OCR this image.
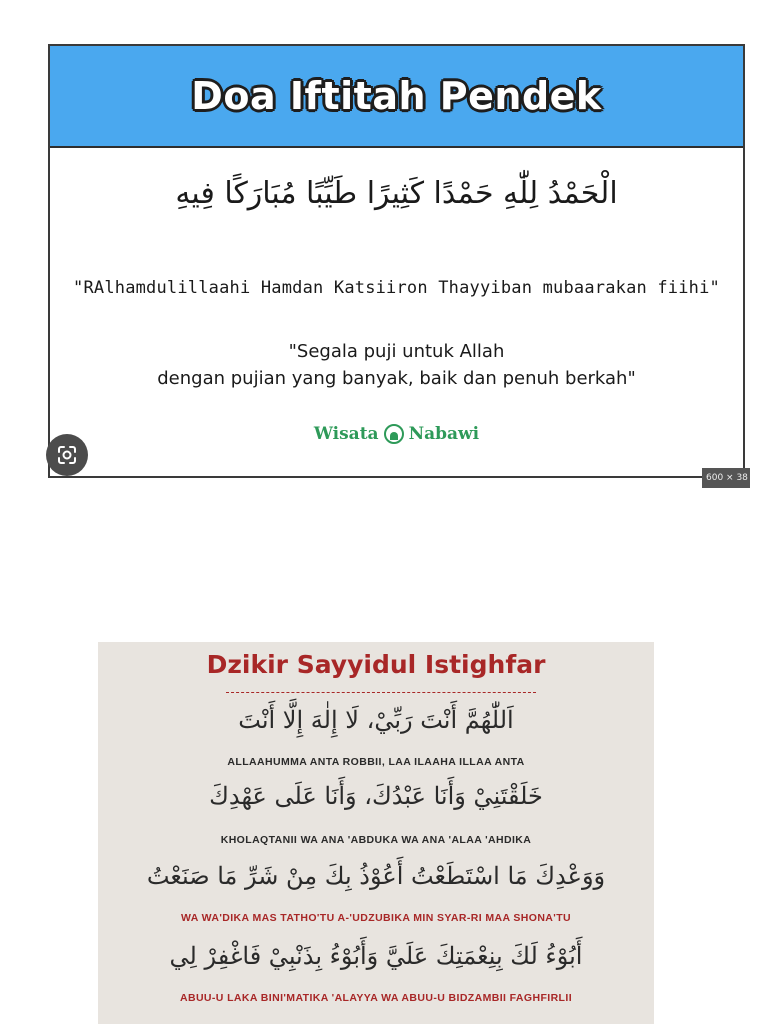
Doa Iftitah Pendek
الْحَمْدُ لِلّٰهِ حَمْدًا كَثِيرًا طَيِّبًا مُبَارَكًا فِيهِ
"RAlhamdulillaahi Hamdan Katsiiron Thayyiban mubaarakan fiihi"
"Segala puji untuk Allah
dengan pujian yang banyak, baik dan penuh berkah"
Wisata Nabawi
600 × 38
Dzikir Sayyidul Istighfar
اَللّٰهُمَّ أَنْتَ رَبِّيْ، لَا إِلٰهَ إِلَّا أَنْتَ
ALLAAHUMMA ANTA ROBBII, LAA ILAAHA ILLAA ANTA
خَلَقْتَنِيْ وَأَنَا عَبْدُكَ، وَأَنَا عَلَى عَهْدِكَ
KHOLAQTANII WA ANA 'ABDUKA WA ANA 'ALAA 'AHDIKA
وَوَعْدِكَ مَا اسْتَطَعْتُ أَعُوْذُ بِكَ مِنْ شَرِّ مَا صَنَعْتُ
WA WA'DIKA MAS TATHO'TU A-'UDZUBIKA MIN SYAR-RI MAA SHONA'TU
أَبُوْءُ لَكَ بِنِعْمَتِكَ عَلَيَّ وَأَبُوْءُ بِذَنْبِيْ فَاغْفِرْ لِي
ABUU-U LAKA BINI'MATIKA 'ALAYYA WA ABUU-U BIDZAMBII FAGHFIRLII
